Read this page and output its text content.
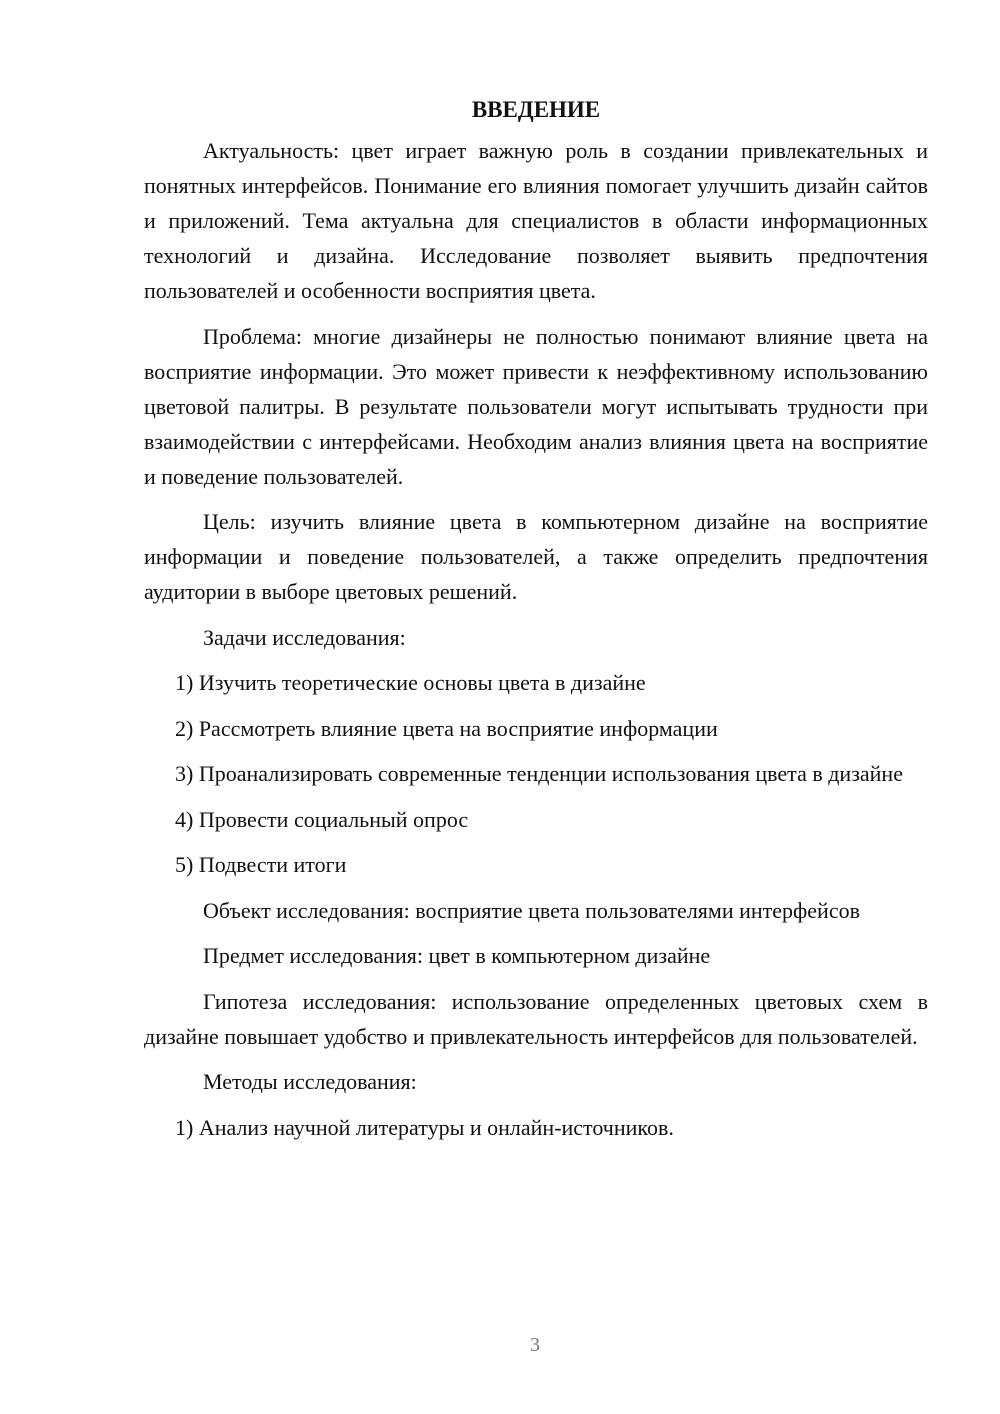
ВВЕДЕНИЕ

Актуальность: цвет играет важную роль в создании привлекательных и понятных интерфейсов. Понимание его влияния помогает улучшить дизайн сайтов и приложений. Тема актуальна для специалистов в области информационных технологий и дизайна. Исследование позволяет выявить предпочтения пользователей и особенности восприятия цвета.

Проблема: многие дизайнеры не полностью понимают влияние цвета на восприятие информации. Это может привести к неэффективному использованию цветовой палитры. В результате пользователи могут испытывать трудности при взаимодействии с интерфейсами. Необходим анализ влияния цвета на восприятие и поведение пользователей.

Цель: изучить влияние цвета в компьютерном дизайне на восприятие информации и поведение пользователей, а также определить предпочтения аудитории в выборе цветовых решений.

Задачи исследования:

1) Изучить теоретические основы цвета в дизайне

2) Рассмотреть влияние цвета на восприятие информации

3) Проанализировать современные тенденции использования цвета в дизайне

4) Провести социальный опрос

5) Подвести итоги

Объект исследования: восприятие цвета пользователями интерфейсов

Предмет исследования: цвет в компьютерном дизайне

Гипотеза исследования: использование определенных цветовых схем в дизайне повышает удобство и привлекательность интерфейсов для пользователей.

Методы исследования:

1) Анализ научной литературы и онлайн-источников.

3
